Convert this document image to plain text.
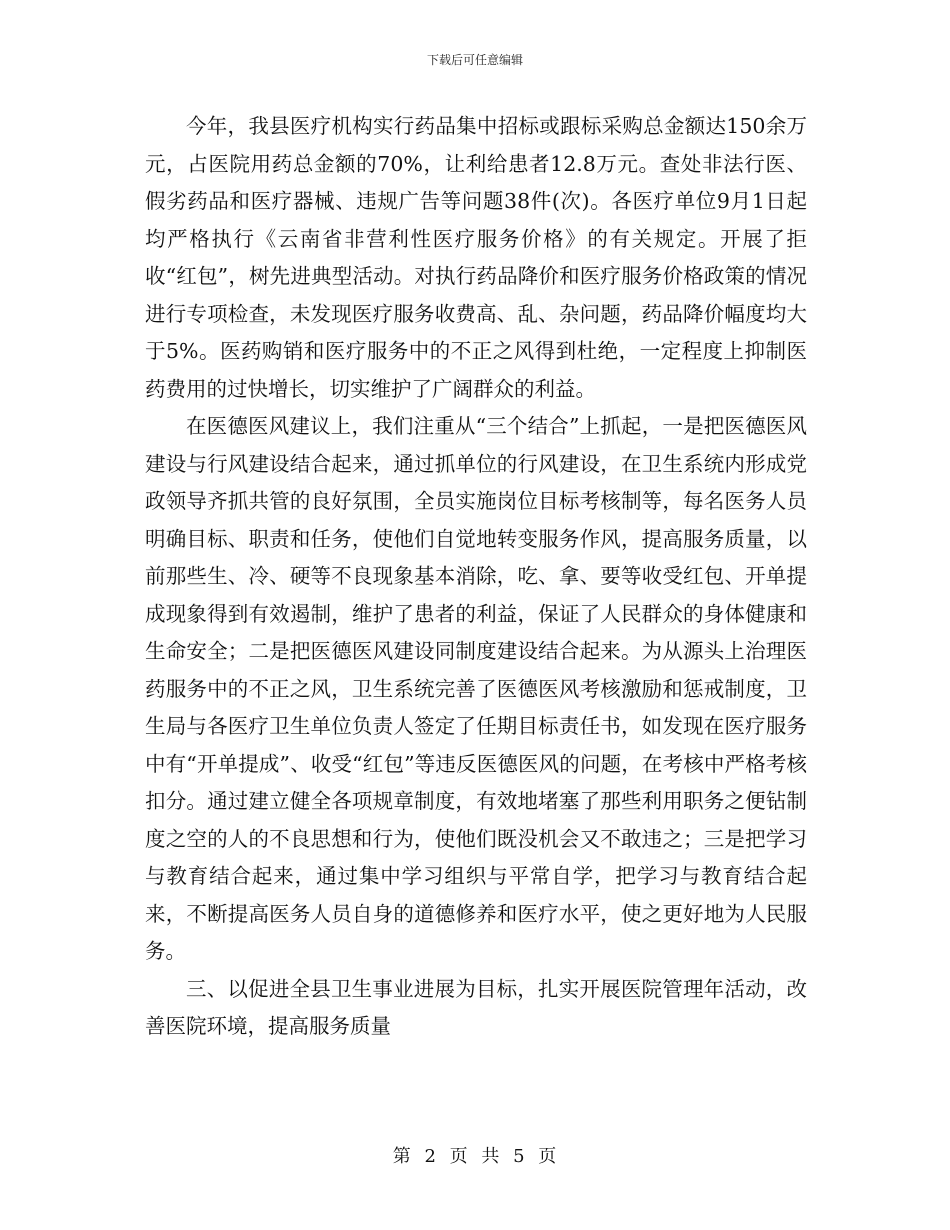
下载后可任意编辑

今年，我县医疗机构实行药品集中招标或跟标采购总金额达150余万元，占医院用药总金额的70%，让利给患者12.8万元。查处非法行医、假劣药品和医疗器械、违规广告等问题38件(次)。各医疗单位9月1日起均严格执行《云南省非营利性医疗服务价格》的有关规定。开展了拒收“红包”，树先进典型活动。对执行药品降价和医疗服务价格政策的情况进行专项检查，未发现医疗服务收费高、乱、杂问题，药品降价幅度均大于5%。医药购销和医疗服务中的不正之风得到杜绝，一定程度上抑制医药费用的过快增长，切实维护了广阔群众的利益。

在医德医风建议上，我们注重从“三个结合”上抓起，一是把医德医风建设与行风建设结合起来，通过抓单位的行风建设，在卫生系统内形成党政领导齐抓共管的良好氛围，全员实施岗位目标考核制等，每名医务人员明确目标、职责和任务，使他们自觉地转变服务作风，提高服务质量，以前那些生、冷、硬等不良现象基本消除，吃、拿、要等收受红包、开单提成现象得到有效遏制，维护了患者的利益，保证了人民群众的身体健康和生命安全；二是把医德医风建设同制度建设结合起来。为从源头上治理医药服务中的不正之风，卫生系统完善了医德医风考核激励和惩戒制度，卫生局与各医疗卫生单位负责人签定了任期目标责任书，如发现在医疗服务中有“开单提成”、收受“红包”等违反医德医风的问题，在考核中严格考核扣分。通过建立健全各项规章制度，有效地堵塞了那些利用职务之便钻制度之空的人的不良思想和行为，使他们既没机会又不敢违之；三是把学习与教育结合起来，通过集中学习组织与平常自学，把学习与教育结合起来，不断提高医务人员自身的道德修养和医疗水平，使之更好地为人民服务。

三、以促进全县卫生事业进展为目标，扎实开展医院管理年活动，改善医院环境，提高服务质量

第 2 页 共 5 页
